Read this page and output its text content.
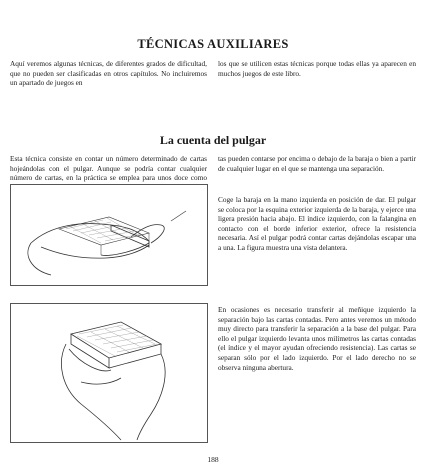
TÉCNICAS AUXILIARES
Aquí veremos algunas técnicas, de diferentes grados de dificultad, que no pueden ser clasificadas en otros capítulos. No incluiremos un apartado de juegos en
los que se utilicen estas técnicas porque todas ellas ya aparecen en muchos juegos de este libro.
La cuenta del pulgar
Esta técnica consiste en contar un número determinado de cartas hojeándolas con el pulgar. Aunque se podría contar cualquier número de cartas, en la práctica se emplea para unos doce como
tas pueden contarse por encima o debajo de la baraja o bien a partir de cualquier lugar en el que se mantenga una separación.
Coge la baraja en la mano izquierda en posición de dar. El pulgar se coloca por la esquina exterior izquierda de la baraja, y ejerce una ligera presión hacia abajo. El índice izquierdo, con la falangina en contacto con el borde inferior exterior, ofrece la resistencia necesaria. Así el pulgar podrá contar cartas dejándolas escapar una a una. La figura muestra una vista delantera.
En ocasiones es necesario transferir al meñique izquierdo la separación bajo las cartas contadas. Pero antes veremos un método muy directo para transferir la separación a la base del pulgar. Para ello el pulgar izquierdo levanta unos milímetros las cartas contadas (el índice y el mayor ayudan ofreciendo resistencia). Las cartas se separan sólo por el lado izquierdo. Por el lado derecho no se observa ninguna abertura.
188
